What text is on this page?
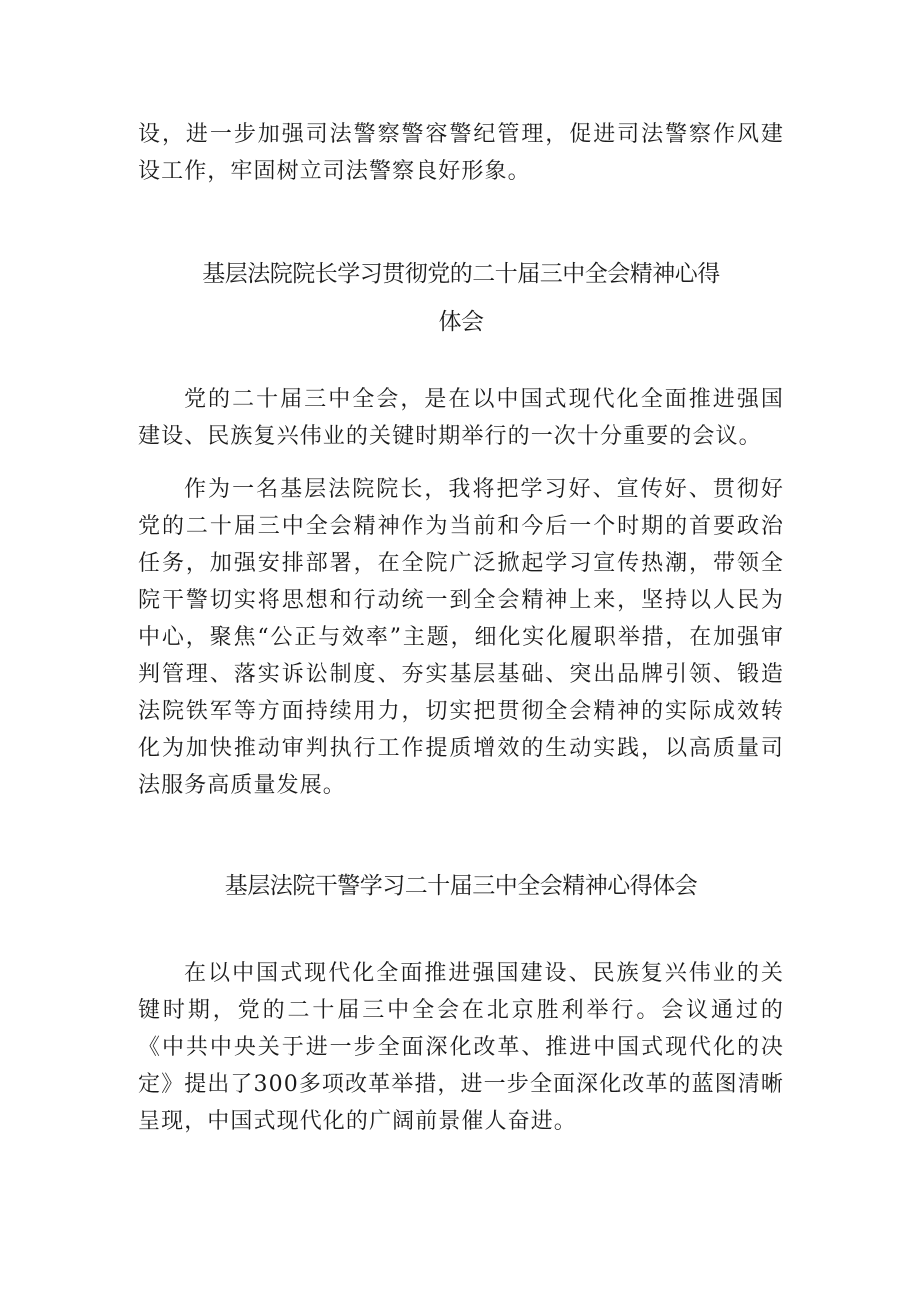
设，进一步加强司法警察警容警纪管理，促进司法警察作风建设工作，牢固树立司法警察良好形象。

基层法院院长学习贯彻党的二十届三中全会精神心得
体会

党的二十届三中全会，是在以中国式现代化全面推进强国建设、民族复兴伟业的关键时期举行的一次十分重要的会议。

作为一名基层法院院长，我将把学习好、宣传好、贯彻好党的二十届三中全会精神作为当前和今后一个时期的首要政治任务，加强安排部署，在全院广泛掀起学习宣传热潮，带领全院干警切实将思想和行动统一到全会精神上来，坚持以人民为中心，聚焦“公正与效率”主题，细化实化履职举措，在加强审判管理、落实诉讼制度、夯实基层基础、突出品牌引领、锻造法院铁军等方面持续用力，切实把贯彻全会精神的实际成效转化为加快推动审判执行工作提质增效的生动实践，以高质量司法服务高质量发展。

基层法院干警学习二十届三中全会精神心得体会

在以中国式现代化全面推进强国建设、民族复兴伟业的关键时期，党的二十届三中全会在北京胜利举行。会议通过的《中共中央关于进一步全面深化改革、推进中国式现代化的决定》提出了300多项改革举措，进一步全面深化改革的蓝图清晰呈现，中国式现代化的广阔前景催人奋进。
